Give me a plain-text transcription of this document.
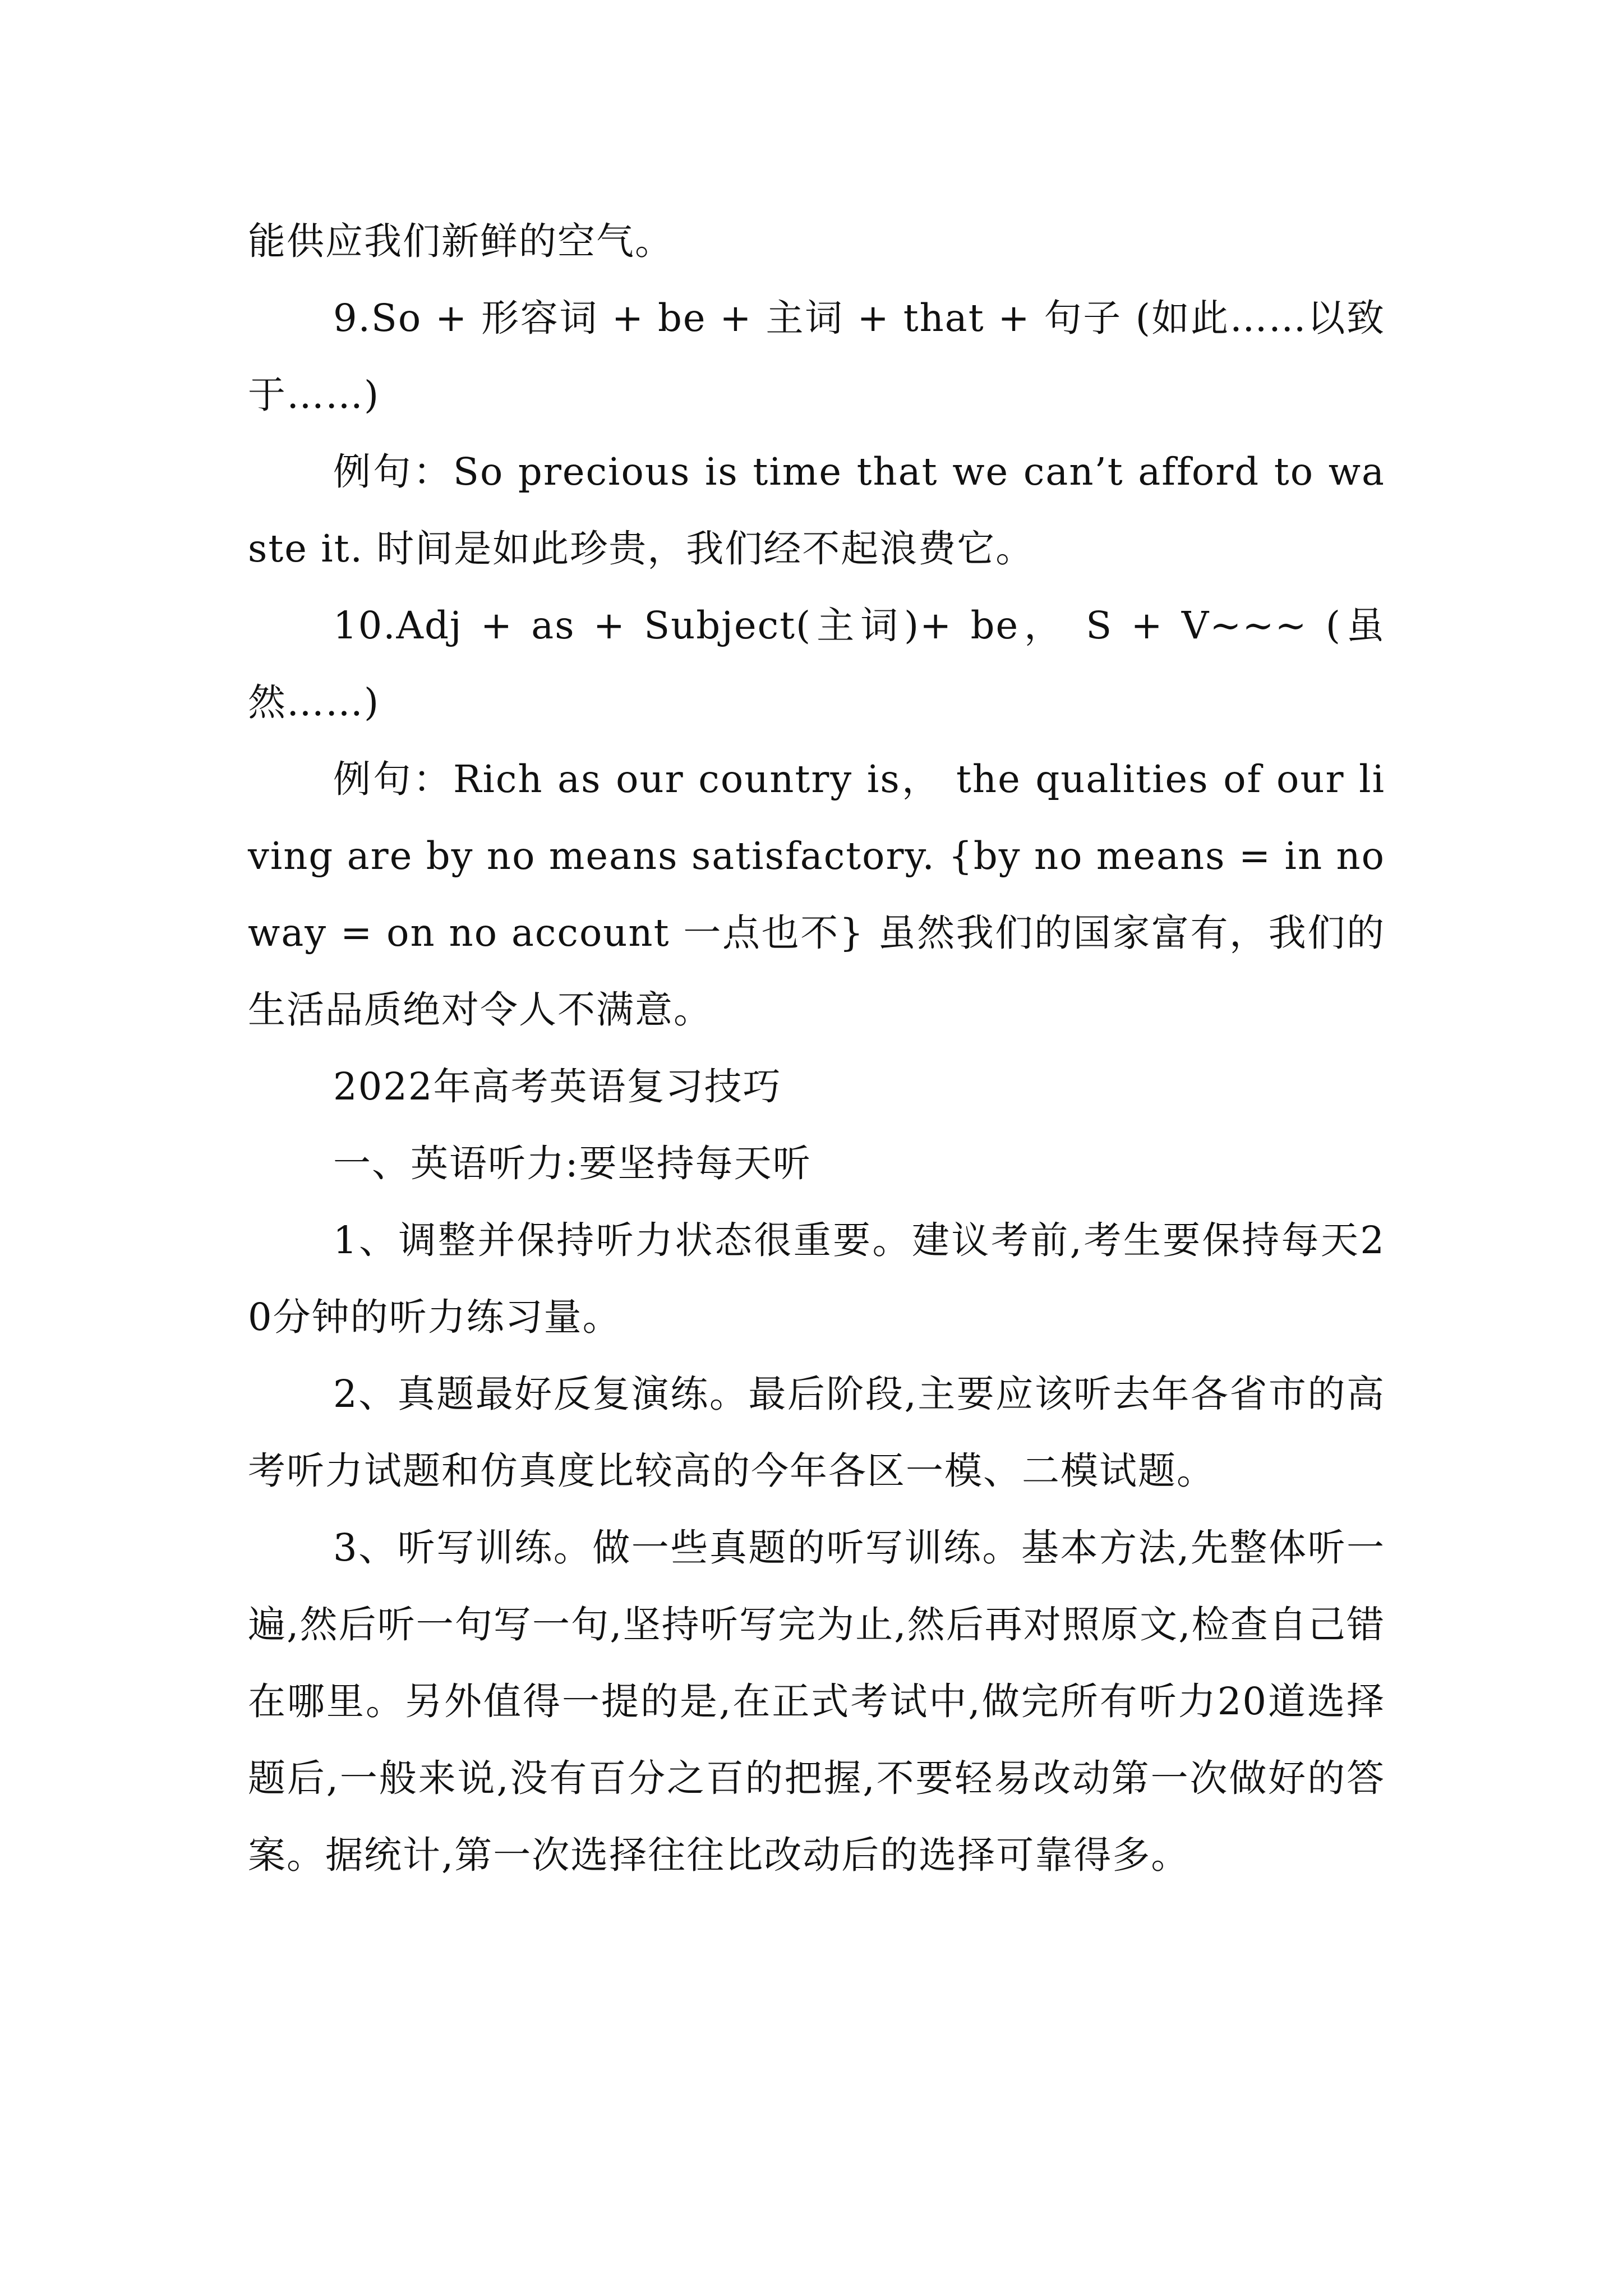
能供应我们新鲜的空气。

9.So + 形容词 + be + 主词 + that + 句子 (如此……以致于……)

例句：So precious is time that we can’t afford to waste it. 时间是如此珍贵，我们经不起浪费它。

10.Adj + as + Subject(主词)+ be， S + V~~~ (虽然……)

例句：Rich as our country is， the qualities of our living are by no means satisfactory. {by no means = in no way = on no account 一点也不} 虽然我们的国家富有，我们的生活品质绝对令人不满意。

2022年高考英语复习技巧

一、英语听力:要坚持每天听

1、调整并保持听力状态很重要。建议考前,考生要保持每天20分钟的听力练习量。

2、真题最好反复演练。最后阶段,主要应该听去年各省市的高考听力试题和仿真度比较高的今年各区一模、二模试题。

3、听写训练。做一些真题的听写训练。基本方法,先整体听一遍,然后听一句写一句,坚持听写完为止,然后再对照原文,检查自己错在哪里。另外值得一提的是,在正式考试中,做完所有听力20道选择题后,一般来说,没有百分之百的把握,不要轻易改动第一次做好的答案。据统计,第一次选择往往比改动后的选择可靠得多。
